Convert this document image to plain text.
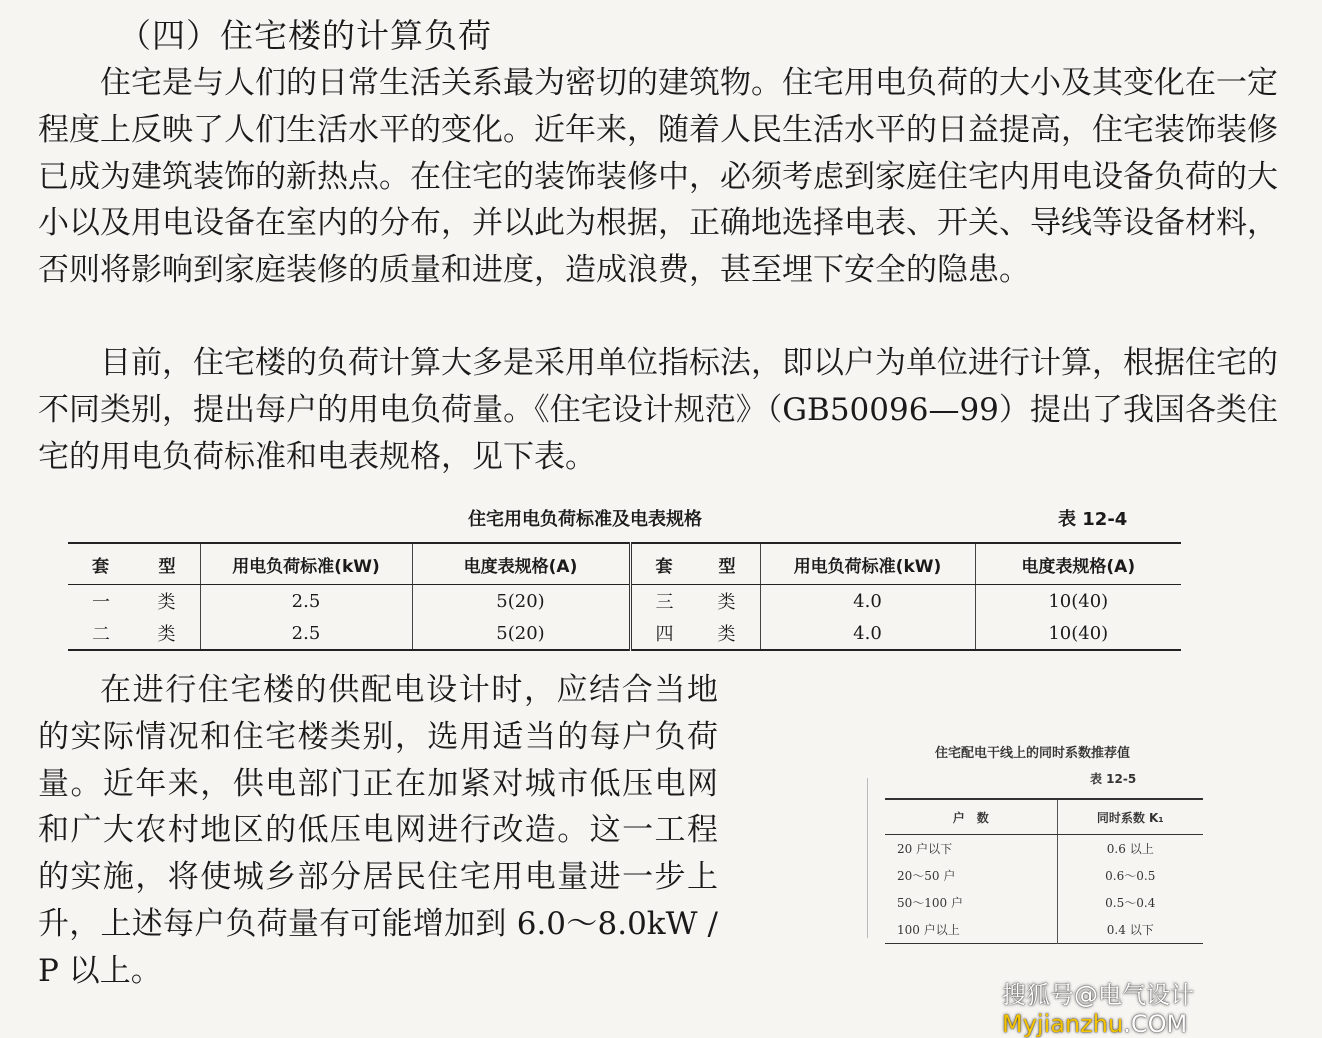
（四）住宅楼的计算负荷

住宅是与人们的日常生活关系最为密切的建筑物。住宅用电负荷的大小及其变化在一定程度上反映了人们生活水平的变化。近年来，随着人民生活水平的日益提高，住宅装饰装修已成为建筑装饰的新热点。在住宅的装饰装修中，必须考虑到家庭住宅内用电设备负荷的大小以及用电设备在室内的分布，并以此为根据，正确地选择电表、开关、导线等设备材料，否则将影响到家庭装修的质量和进度，造成浪费，甚至埋下安全的隐患。

目前，住宅楼的负荷计算大多是采用单位指标法，即以户为单位进行计算，根据住宅的不同类别，提出每户的用电负荷量。《住宅设计规范》（GB50096—99）提出了我国各类住宅的用电负荷标准和电表规格，见下表。

住宅用电负荷标准及电表规格	表 12-4
套 型	用电负荷标准(kW)	电度表规格(A)	套 型	用电负荷标准(kW)	电度表规格(A)

一 类	2.5	5(20)	三 类	4.0	10(40)

二 类	2.5	5(20)	四 类	4.0	10(40)

在进行住宅楼的供配电设计时，应结合当地的实际情况和住宅楼类别，选用适当的每户负荷量。近年来，供电部门正在加紧对城市低压电网和广大农村地区的低压电网进行改造。这一工程的实施，将使城乡部分居民住宅用电量进一步上升，上述每户负荷量有可能增加到 6.0～8.0kW / P 以上。

住宅配电干线上的同时系数推荐值
表 12-5
户　数	同时系数 K₁
20 户以下	0.6 以上
20～50 户	0.6～0.5
50～100 户	0.5～0.4
100 户以上	0.4 以下
搜狐号@电气设计Myjianzhu.COM
